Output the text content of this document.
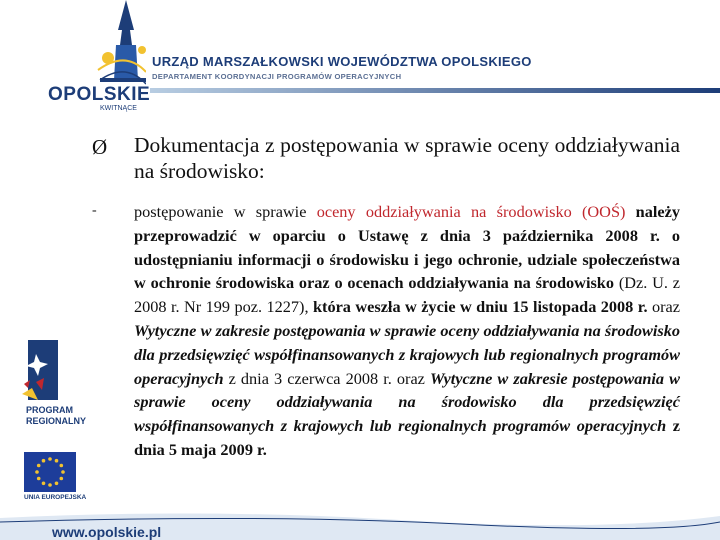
OPOLSKIE
KWITNĄCE
URZĄD MARSZAŁKOWSKI WOJEWÓDZTWA OPOLSKIEGO
DEPARTAMENT KOORDYNACJI PROGRAMÓW OPERACYJNYCH
PROGRAM
REGIONALNY
UNIA EUROPEJSKA
www.opolskie.pl
Ø Dokumentacja z postępowania w sprawie oceny oddziaływania na środowisko:
- postępowanie w sprawie oceny oddziaływania na środowisko (OOŚ) należy przeprowadzić w oparciu o Ustawę z dnia 3 października 2008 r. o udostępnianiu informacji o środowisku i jego ochronie, udziale społeczeństwa w ochronie środowiska oraz o ocenach oddziaływania na środowisko (Dz. U. z 2008 r. Nr 199 poz. 1227), która weszła w życie w dniu 15 listopada 2008 r. oraz Wytyczne w zakresie postępowania w sprawie oceny oddziaływania na środowisko dla przedsięwzięć współfinansowanych z krajowych lub regionalnych programów operacyjnych z dnia 3 czerwca 2008 r. oraz Wytyczne w zakresie postępowania w sprawie oceny oddziaływania na środowisko dla przedsięwzięć współfinansowanych z krajowych lub regionalnych programów operacyjnych z dnia 5 maja 2009 r.
